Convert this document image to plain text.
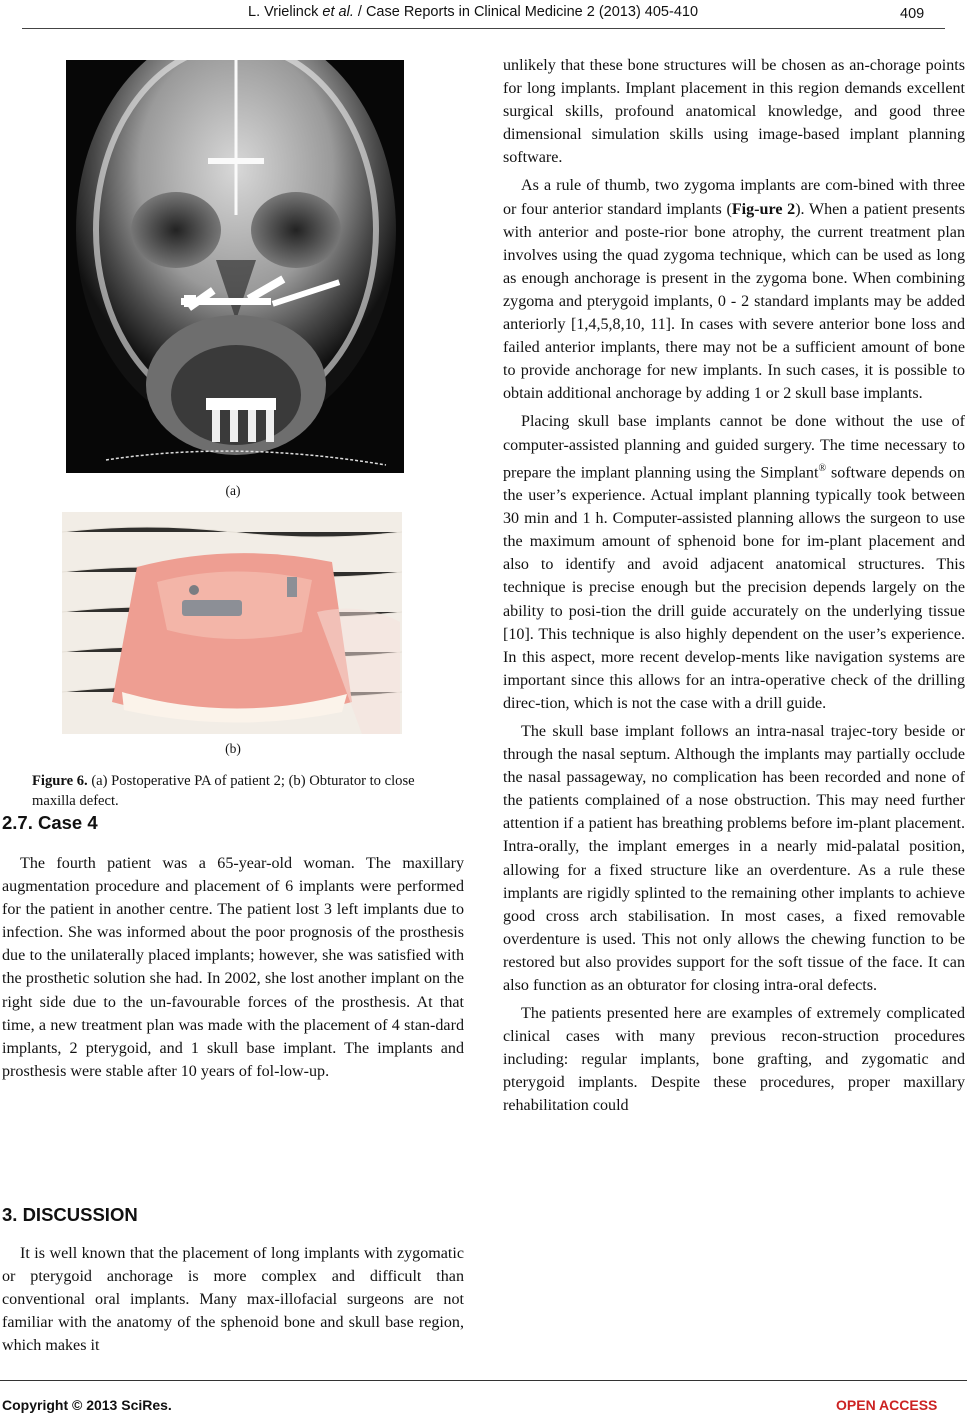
L. Vrielinck et al. / Case Reports in Clinical Medicine 2 (2013) 405-410	409
(a)
(b)
Figure 6. (a) Postoperative PA of patient 2; (b) Obturator to close maxilla defect.
2.7. Case 4

The fourth patient was a 65-year-old woman. The maxillary augmentation procedure and placement of 6 implants were performed for the patient in another centre. The patient lost 3 left implants due to infection. She was informed about the poor prognosis of the prosthesis due to the unilaterally placed implants; however, she was satisfied with the prosthetic solution she had. In 2002, she lost another implant on the right side due to the un-favourable forces of the prosthesis. At that time, a new treatment plan was made with the placement of 4 stan-dard implants, 2 pterygoid, and 1 skull base implant. The implants and prosthesis were stable after 10 years of fol-low-up.

3. DISCUSSION

It is well known that the placement of long implants with zygomatic or pterygoid anchorage is more complex and difficult than conventional oral implants. Many max-illofacial surgeons are not familiar with the anatomy of the sphenoid bone and skull base region, which makes it

unlikely that these bone structures will be chosen as an-chorage points for long implants. Implant placement in this region demands excellent surgical skills, profound anatomical knowledge, and good three dimensional simulation skills using image-based implant planning software.

As a rule of thumb, two zygoma implants are com-bined with three or four anterior standard implants (Fig-ure 2). When a patient presents with anterior and poste-rior bone atrophy, the current treatment plan involves using the quad zygoma technique, which can be used as long as enough anchorage is present in the zygoma bone. When combining zygoma and pterygoid implants, 0 - 2 standard implants may be added anteriorly [1,4,5,8,10, 11]. In cases with severe anterior bone loss and failed anterior implants, there may not be a sufficient amount of bone to provide anchorage for new implants. In such cases, it is possible to obtain additional anchorage by adding 1 or 2 skull base implants.

Placing skull base implants cannot be done without the use of computer-assisted planning and guided surgery. The time necessary to prepare the implant planning using the Simplant® software depends on the user’s experience. Actual implant planning typically took between 30 min and 1 h. Computer-assisted planning allows the surgeon to use the maximum amount of sphenoid bone for im-plant placement and also to identify and avoid adjacent anatomical structures. This technique is precise enough but the precision depends largely on the ability to posi-tion the drill guide accurately on the underlying tissue [10]. This technique is also highly dependent on the user’s experience. In this aspect, more recent develop-ments like navigation systems are important since this allows for an intra-operative check of the drilling direc-tion, which is not the case with a drill guide.

The skull base implant follows an intra-nasal trajec-tory beside or through the nasal septum. Although the implants may partially occlude the nasal passageway, no complication has been recorded and none of the patients complained of a nose obstruction. This may need further attention if a patient has breathing problems before im-plant placement. Intra-orally, the implant emerges in a nearly mid-palatal position, allowing for a fixed structure like an overdenture. As a rule these implants are rigidly splinted to the remaining other implants to achieve good cross arch stabilisation. In most cases, a fixed removable overdenture is used. This not only allows the chewing function to be restored but also provides support for the soft tissue of the face. It can also function as an obturator for closing intra-oral defects.

The patients presented here are examples of extremely complicated clinical cases with many previous recon-struction procedures including: regular implants, bone grafting, and zygomatic and pterygoid implants. Despite these procedures, proper maxillary rehabilitation could

Copyright © 2013 SciRes.	OPEN ACCESS
